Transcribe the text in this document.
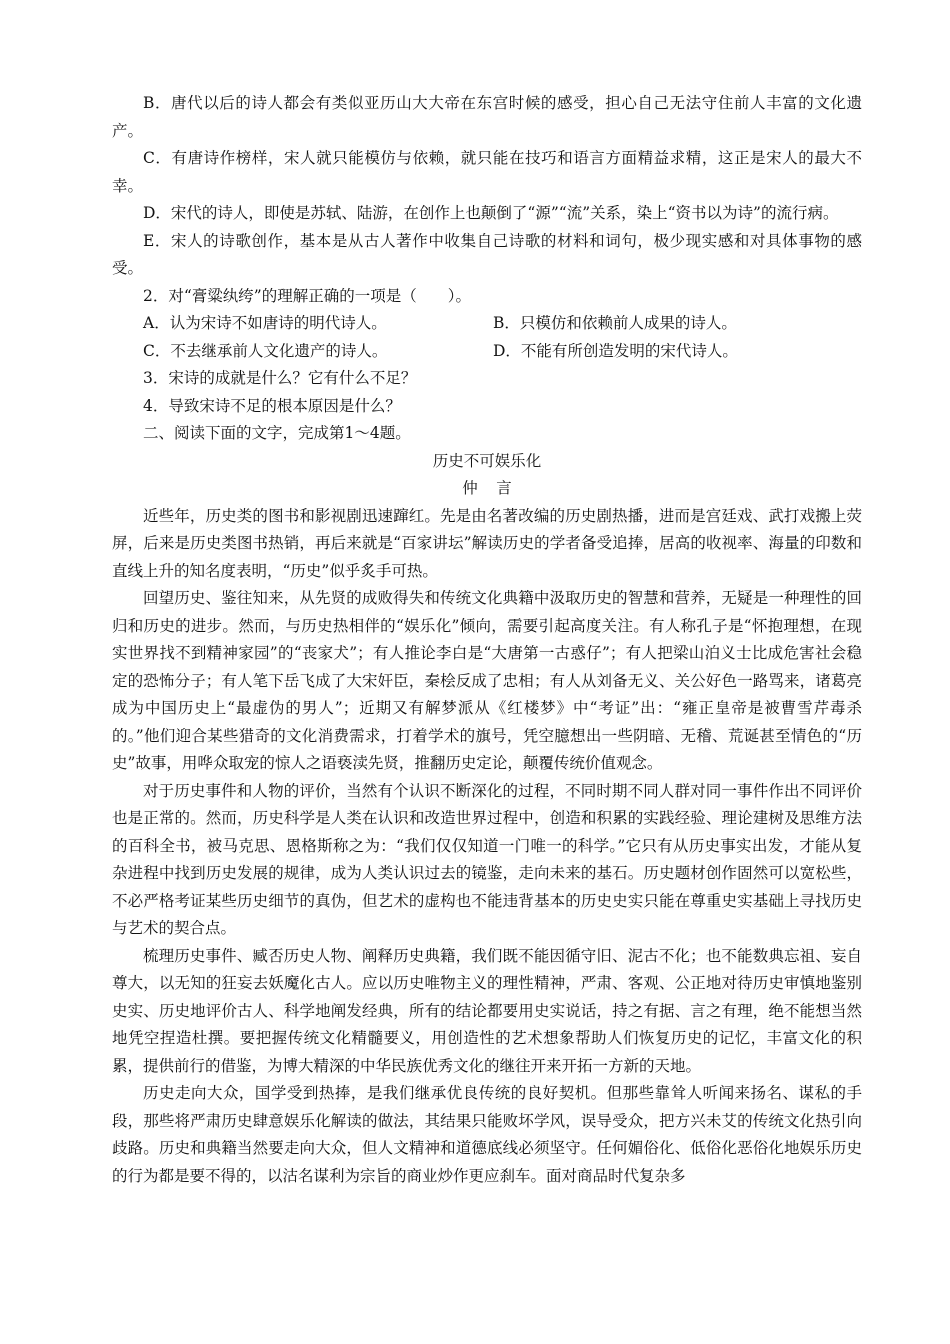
B．唐代以后的诗人都会有类似亚历山大大帝在东宫时候的感受，担心自己无法守住前人丰富的文化遗产。

C．有唐诗作榜样，宋人就只能模仿与依赖，就只能在技巧和语言方面精益求精，这正是宋人的最大不幸。

D．宋代的诗人，即使是苏轼、陆游，在创作上也颠倒了“源”“流”关系，染上“资书以为诗”的流行病。

E．宋人的诗歌创作，基本是从古人著作中收集自己诗歌的材料和词句，极少现实感和对具体事物的感受。

2．对“膏粱纨绔”的理解正确的一项是（　　）。

A．认为宋诗不如唐诗的明代诗人。	B．只模仿和依赖前人成果的诗人。
C．不去继承前人文化遗产的诗人。	D．不能有所创造发明的宋代诗人。

3．宋诗的成就是什么？它有什么不足？

4．导致宋诗不足的根本原因是什么？

二、阅读下面的文字，完成第1～4题。

历史不可娱乐化

仲言

近些年，历史类的图书和影视剧迅速蹿红。先是由名著改编的历史剧热播，进而是宫廷戏、武打戏搬上荧屏，后来是历史类图书热销，再后来就是“百家讲坛”解读历史的学者备受追捧，居高的收视率、海量的印数和直线上升的知名度表明，“历史”似乎炙手可热。

回望历史、鉴往知来，从先贤的成败得失和传统文化典籍中汲取历史的智慧和营养，无疑是一种理性的回归和历史的进步。然而，与历史热相伴的“娱乐化”倾向，需要引起高度关注。有人称孔子是“怀抱理想，在现实世界找不到精神家园”的“丧家犬”；有人推论李白是“大唐第一古惑仔”；有人把梁山泊义士比成危害社会稳定的恐怖分子；有人笔下岳飞成了大宋奸臣，秦桧反成了忠相；有人从刘备无义、关公好色一路骂来，诸葛亮成为中国历史上“最虚伪的男人”；近期又有解梦派从《红楼梦》中“考证”出：“雍正皇帝是被曹雪芹毒杀的。”他们迎合某些猎奇的文化消费需求，打着学术的旗号，凭空臆想出一些阴暗、无稽、荒诞甚至情色的“历史”故事，用哗众取宠的惊人之语亵渎先贤，推翻历史定论，颠覆传统价值观念。

对于历史事件和人物的评价，当然有个认识不断深化的过程，不同时期不同人群对同一事件作出不同评价也是正常的。然而，历史科学是人类在认识和改造世界过程中，创造和积累的实践经验、理论建树及思维方法的百科全书，被马克思、恩格斯称之为：“我们仅仅知道一门唯一的科学。”它只有从历史事实出发，才能从复杂进程中找到历史发展的规律，成为人类认识过去的镜鉴，走向未来的基石。历史题材创作固然可以宽松些，不必严格考证某些历史细节的真伪，但艺术的虚构也不能违背基本的历史史实只能在尊重史实基础上寻找历史与艺术的契合点。

梳理历史事件、臧否历史人物、阐释历史典籍，我们既不能因循守旧、泥古不化；也不能数典忘祖、妄自尊大，以无知的狂妄去妖魔化古人。应以历史唯物主义的理性精神，严肃、客观、公正地对待历史审慎地鉴别史实、历史地评价古人、科学地阐发经典，所有的结论都要用史实说话，持之有据、言之有理，绝不能想当然地凭空捏造杜撰。要把握传统文化精髓要义，用创造性的艺术想象帮助人们恢复历史的记忆，丰富文化的积累，提供前行的借鉴，为博大精深的中华民族优秀文化的继往开来开拓一方新的天地。

历史走向大众，国学受到热捧，是我们继承优良传统的良好契机。但那些靠耸人听闻来扬名、谋私的手段，那些将严肃历史肆意娱乐化解读的做法，其结果只能败坏学风，误导受众，把方兴未艾的传统文化热引向歧路。历史和典籍当然要走向大众，但人文精神和道德底线必须坚守。任何媚俗化、低俗化恶俗化地娱乐历史的行为都是要不得的，以沽名谋利为宗旨的商业炒作更应刹车。面对商品时代复杂多
